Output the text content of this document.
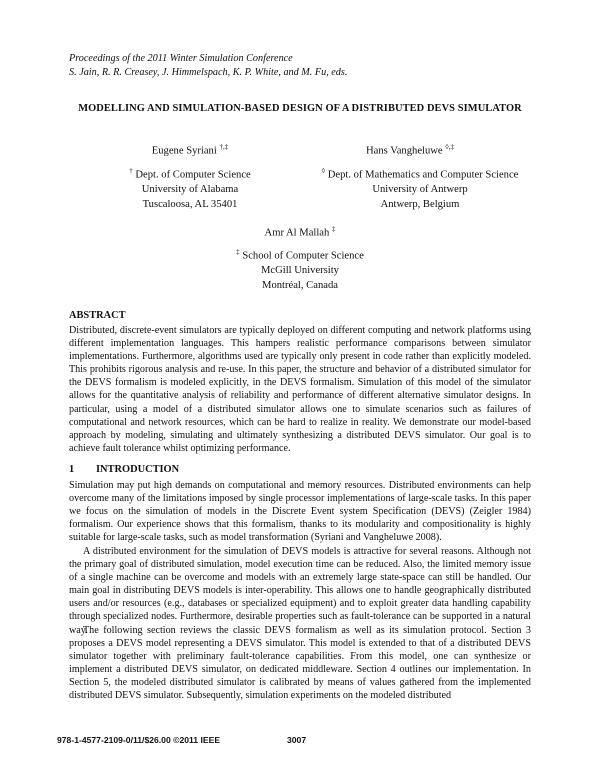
Proceedings of the 2011 Winter Simulation Conference
S. Jain, R. R. Creasey, J. Himmelspach, K. P. White, and M. Fu, eds.
MODELLING AND SIMULATION-BASED DESIGN OF A DISTRIBUTED DEVS SIMULATOR
Eugene Syriani †,‡	Hans Vangheluwe ◊,‡
† Dept. of Computer Science
University of Alabama
Tuscaloosa, AL 35401
◊ Dept. of Mathematics and Computer Science
University of Antwerp
Antwerp, Belgium
Amr Al Mallah ‡
‡ School of Computer Science
McGill University
Montréal, Canada
ABSTRACT

Distributed, discrete-event simulators are typically deployed on different computing and network platforms using different implementation languages. This hampers realistic performance comparisons between simulator implementations. Furthermore, algorithms used are typically only present in code rather than explicitly modeled. This prohibits rigorous analysis and re-use. In this paper, the structure and behavior of a distributed simulator for the DEVS formalism is modeled explicitly, in the DEVS formalism. Simulation of this model of the simulator allows for the quantitative analysis of reliability and performance of different alternative simulator designs. In particular, using a model of a distributed simulator allows one to simulate scenarios such as failures of computational and network resources, which can be hard to realize in reality. We demonstrate our model-based approach by modeling, simulating and ultimately synthesizing a distributed DEVS simulator. Our goal is to achieve fault tolerance whilst optimizing performance.

1 INTRODUCTION

Simulation may put high demands on computational and memory resources. Distributed environments can help overcome many of the limitations imposed by single processor implementations of large-scale tasks. In this paper we focus on the simulation of models in the Discrete Event system Specification (DEVS) (Zeigler 1984) formalism. Our experience shows that this formalism, thanks to its modularity and compositionality is highly suitable for large-scale tasks, such as model transformation (Syriani and Vangheluwe 2008).

A distributed environment for the simulation of DEVS models is attractive for several reasons. Although not the primary goal of distributed simulation, model execution time can be reduced. Also, the limited memory issue of a single machine can be overcome and models with an extremely large state-space can still be handled. Our main goal in distributing DEVS models is inter-operability. This allows one to handle geographically distributed users and/or resources (e.g., databases or specialized equipment) and to exploit greater data handling capability through specialized nodes. Furthermore, desirable properties such as fault-tolerance can be supported in a natural way.

The following section reviews the classic DEVS formalism as well as its simulation protocol. Section 3 proposes a DEVS model representing a DEVS simulator. This model is extended to that of a distributed DEVS simulator together with preliminary fault-tolerance capabilities. From this model, one can synthesize or implement a distributed DEVS simulator, on dedicated middleware. Section 4 outlines our implementation. In Section 5, the modeled distributed simulator is calibrated by means of values gathered from the implemented distributed DEVS simulator. Subsequently, simulation experiments on the modeled distributed

978-1-4577-2109-0/11/$26.00 ©2011 IEEE	3007
